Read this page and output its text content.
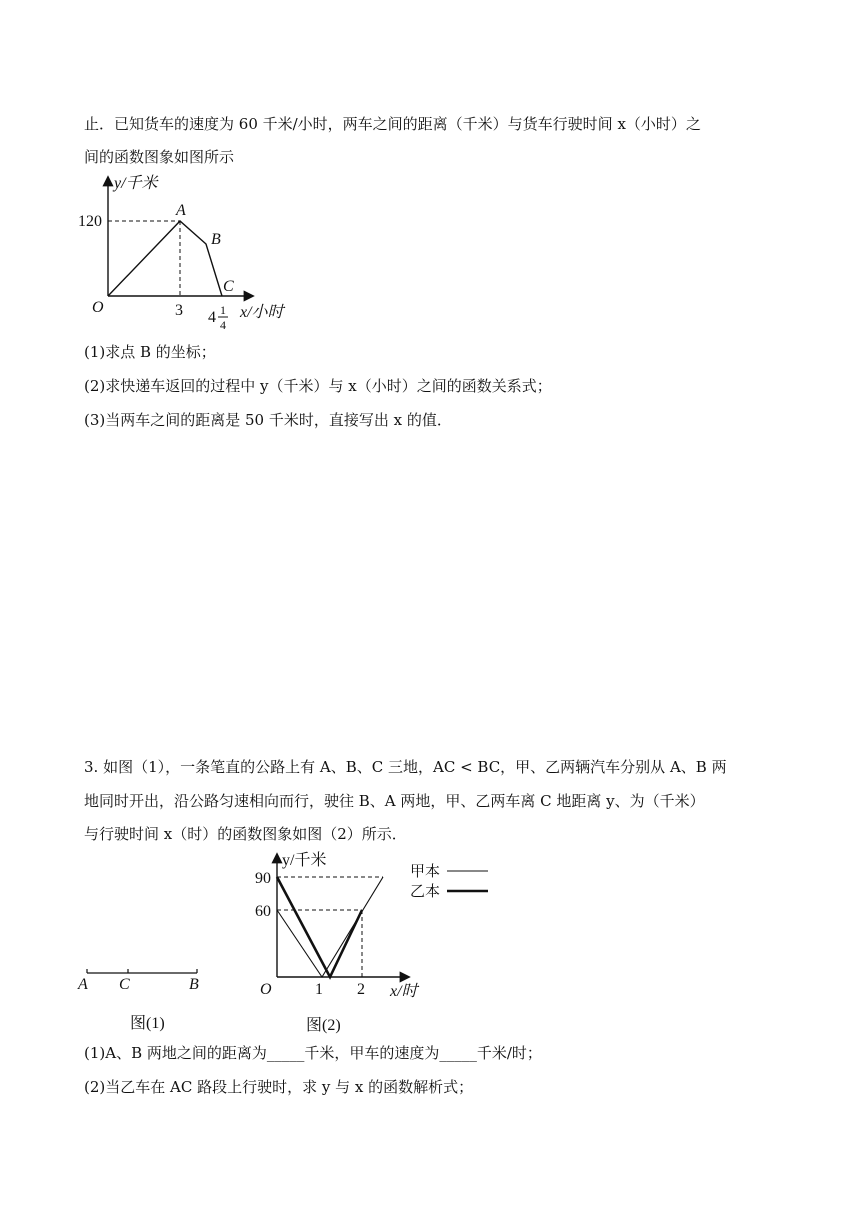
止．已知货车的速度为 60 千米/小时，两车之间的距离（千米）与货车行驶时间 x（小时）之
间的函数图象如图所示
y/千米
120
A
B
C
O	3 4 1
4
x/小时
(1)求点 B 的坐标；
(2)求快递车返回的过程中 y（千米）与 x（小时）之间的函数关系式；
(3)当两车之间的距离是 50 千米时，直接写出 x 的值．
3. 如图（1），一条笔直的公路上有 A、B、C 三地，AC < BC，甲、乙两辆汽车分别从 A、B 两
地同时开出，沿公路匀速相向而行，驶往 B、A 两地，甲、乙两车离 C 地距离 y、为（千米）
与行驶时间 x（时）的函数图象如图（2）所示．
A C	B
图(1)
y/千米
90
60
O	1 2 x/时
甲本
乙本
图(2)
(1)A、B 两地之间的距离为_____千米，甲车的速度为_____千米/时；
(2)当乙车在 AC 路段上行驶时，求 y 与 x 的函数解析式；
